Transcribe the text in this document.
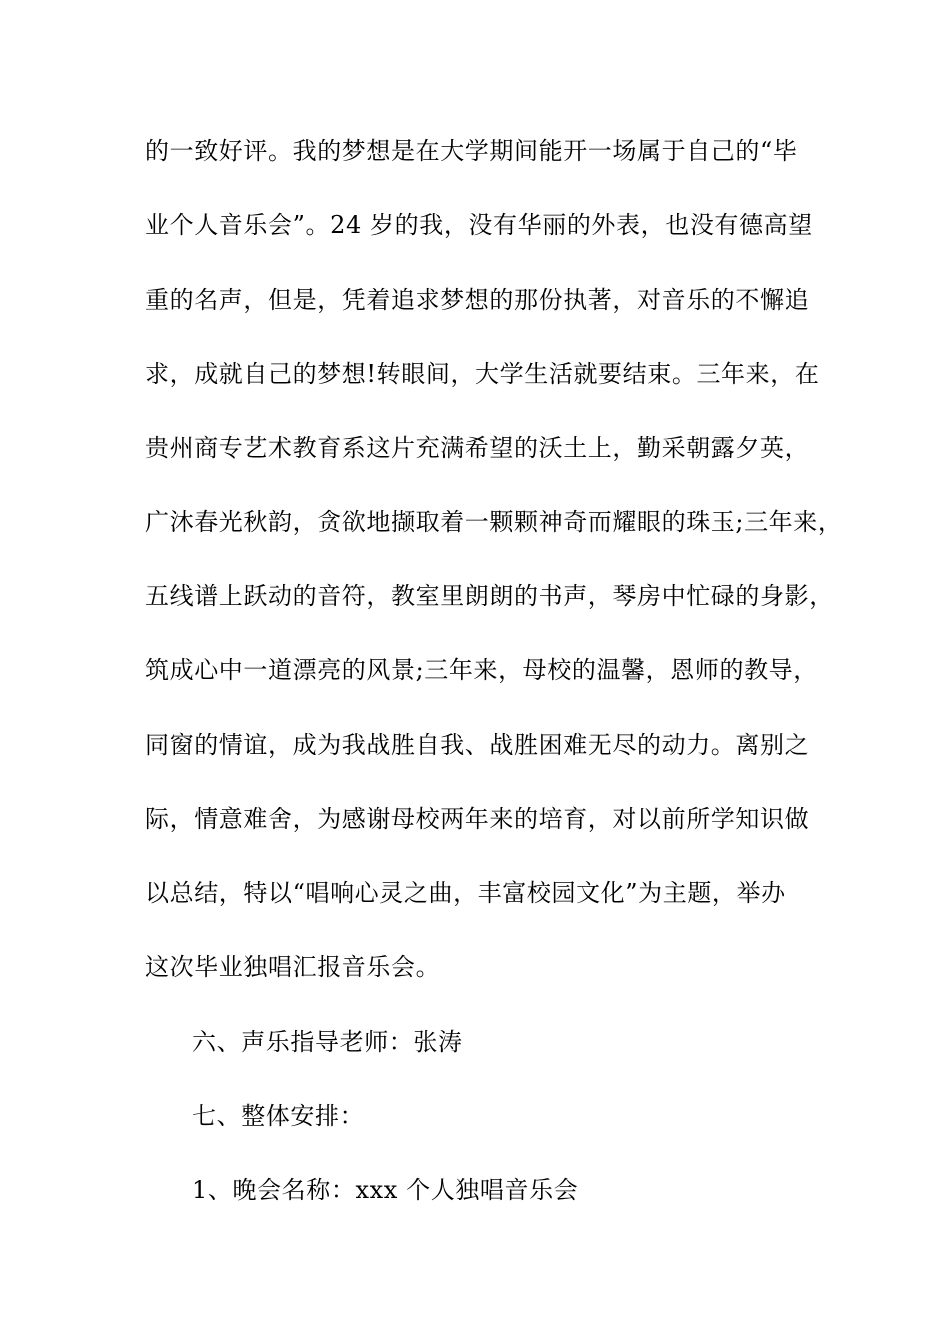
的一致好评。我的梦想是在大学期间能开一场属于自己的“毕
业个人音乐会”。24 岁的我，没有华丽的外表，也没有德高望
重的名声，但是，凭着追求梦想的那份执著，对音乐的不懈追
求，成就自己的梦想!转眼间，大学生活就要结束。三年来，在
贵州商专艺术教育系这片充满希望的沃土上，勤采朝露夕英，
广沐春光秋韵，贪欲地撷取着一颗颗神奇而耀眼的珠玉;三年来，
五线谱上跃动的音符，教室里朗朗的书声，琴房中忙碌的身影，
筑成心中一道漂亮的风景;三年来，母校的温馨，恩师的教导，
同窗的情谊，成为我战胜自我、战胜困难无尽的动力。离别之
际，情意难舍，为感谢母校两年来的培育，对以前所学知识做
以总结，特以“唱响心灵之曲，丰富校园文化”为主题，举办
这次毕业独唱汇报音乐会。
六、声乐指导老师：张涛
七、整体安排：
1、晚会名称：xxx 个人独唱音乐会
